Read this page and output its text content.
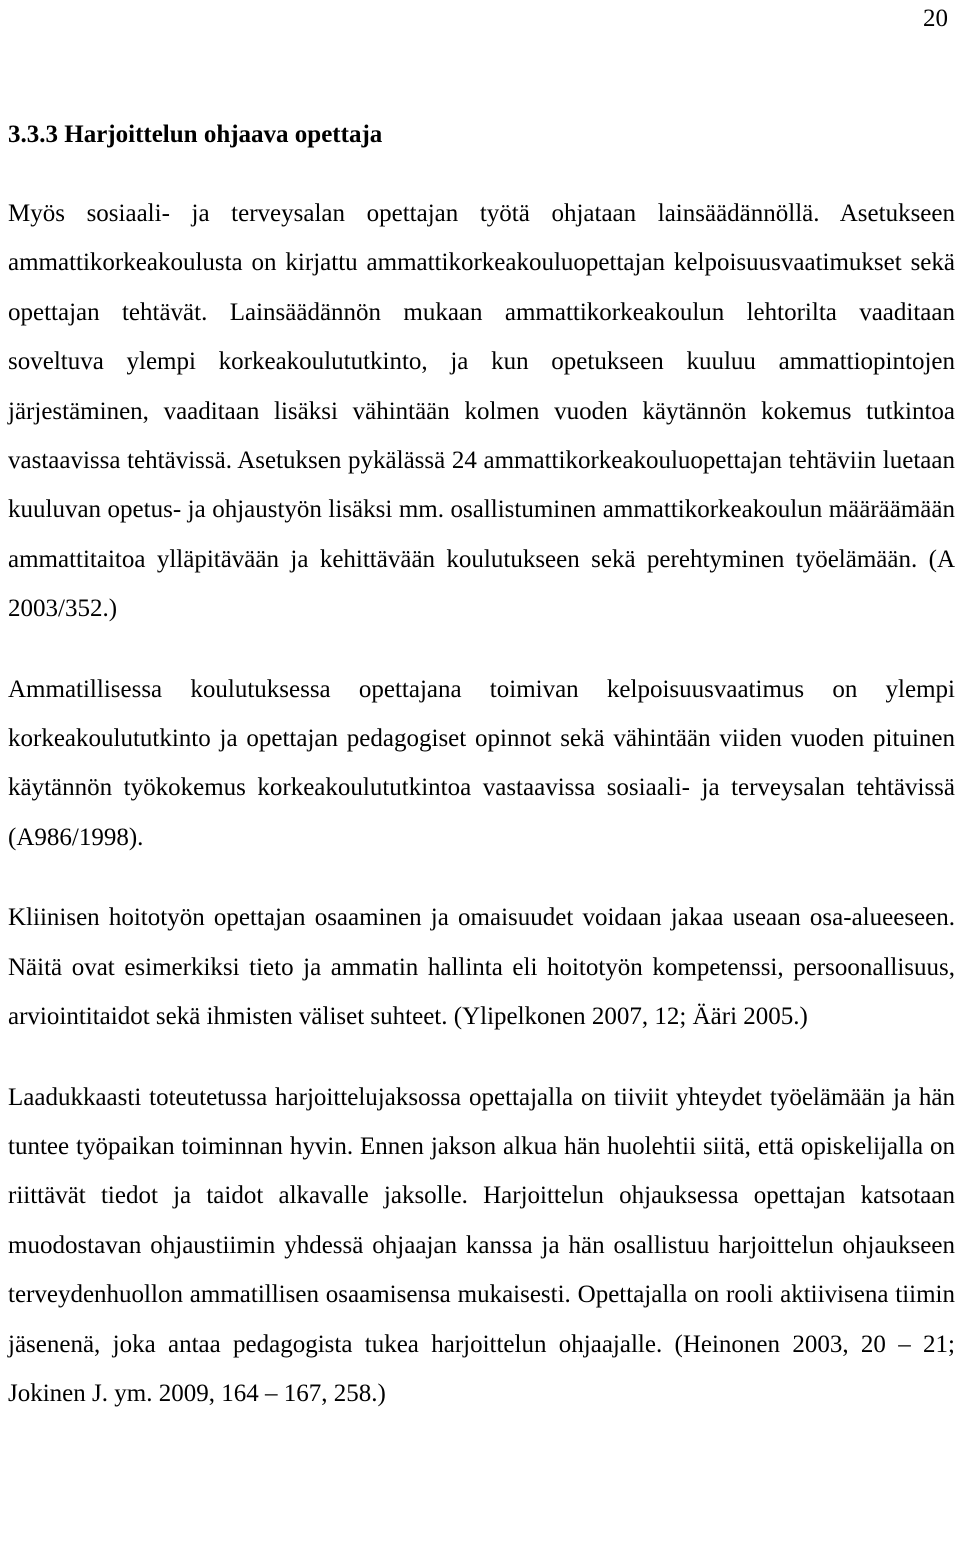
20
3.3.3 Harjoittelun ohjaava opettaja

Myös sosiaali- ja terveysalan opettajan työtä ohjataan lainsäädännöllä. Asetukseen ammattikorkeakoulusta on kirjattu ammattikorkeakouluopettajan kelpoisuusvaatimukset sekä opettajan tehtävät. Lainsäädännön mukaan ammattikorkeakoulun lehtorilta vaaditaan soveltuva ylempi korkeakoulututkinto, ja kun opetukseen kuuluu ammattiopintojen järjestäminen, vaaditaan lisäksi vähintään kolmen vuoden käytännön kokemus tutkintoa vastaavissa tehtävissä. Asetuksen pykälässä 24 ammattikorkeakouluopettajan tehtäviin luetaan kuuluvan opetus- ja ohjaustyön lisäksi mm. osallistuminen ammattikorkeakoulun määräämään ammattitaitoa ylläpitävään ja kehittävään koulutukseen sekä perehtyminen työelämään. (A 2003/352.)

Ammatillisessa koulutuksessa opettajana toimivan kelpoisuusvaatimus on ylempi korkeakoulututkinto ja opettajan pedagogiset opinnot sekä vähintään viiden vuoden pituinen käytännön työkokemus korkeakoulututkintoa vastaavissa sosiaali- ja terveysalan tehtävissä (A986/1998).

Kliinisen hoitotyön opettajan osaaminen ja omaisuudet voidaan jakaa useaan osa-alueeseen. Näitä ovat esimerkiksi tieto ja ammatin hallinta eli hoitotyön kompetenssi, persoonallisuus, arviointitaidot sekä ihmisten väliset suhteet. (Ylipelkonen 2007, 12; Ääri 2005.)

Laadukkaasti toteutetussa harjoittelujaksossa opettajalla on tiiviit yhteydet työelämään ja hän tuntee työpaikan toiminnan hyvin. Ennen jakson alkua hän huolehtii siitä, että opiskelijalla on riittävät tiedot ja taidot alkavalle jaksolle. Harjoittelun ohjauksessa opettajan katsotaan muodostavan ohjaustiimin yhdessä ohjaajan kanssa ja hän osallistuu harjoittelun ohjaukseen terveydenhuollon ammatillisen osaamisensa mukaisesti. Opettajalla on rooli aktiivisena tiimin jäsenenä, joka antaa pedagogista tukea harjoittelun ohjaajalle. (Heinonen 2003, 20 – 21; Jokinen J. ym. 2009, 164 – 167, 258.)
